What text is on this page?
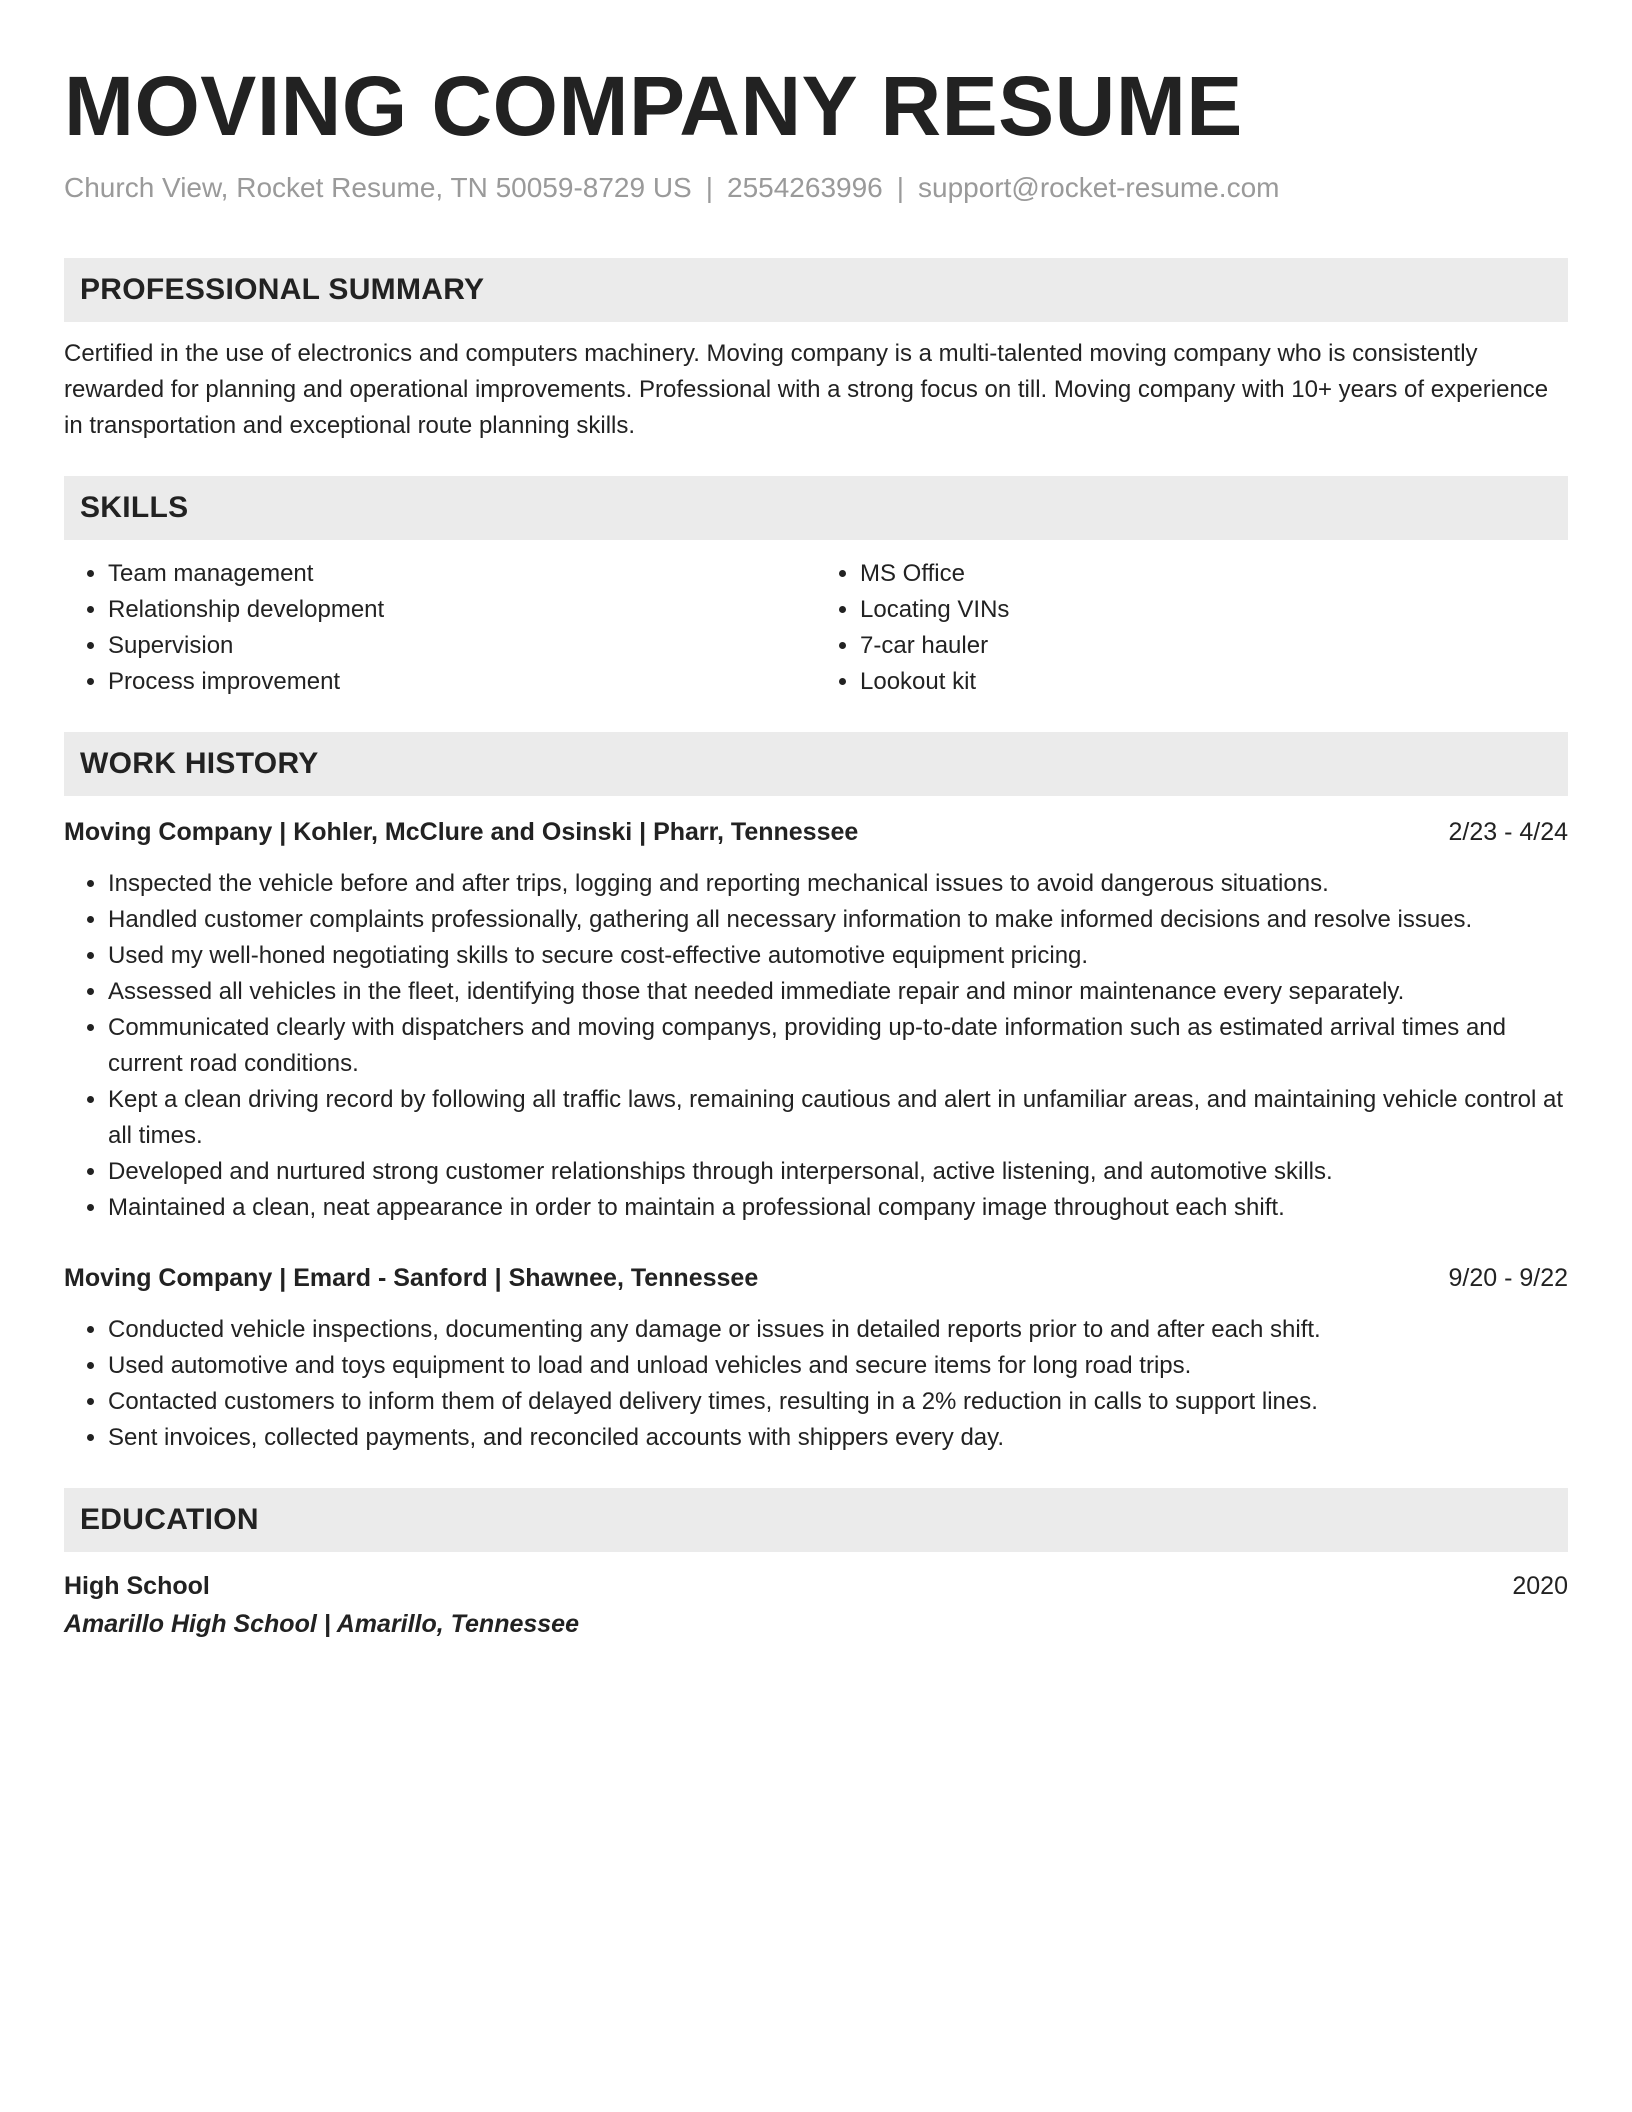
MOVING COMPANY RESUME
Church View, Rocket Resume, TN 50059-8729 US | 2554263996 | support@rocket-resume.com
PROFESSIONAL SUMMARY
Certified in the use of electronics and computers machinery. Moving company is a multi-talented moving company who is consistently rewarded for planning and operational improvements. Professional with a strong focus on till. Moving company with 10+ years of experience in transportation and exceptional route planning skills.
SKILLS
• Team management
• Relationship development
• Supervision
• Process improvement
• MS Office
• Locating VINs
• 7-car hauler
• Lookout kit
WORK HISTORY
Moving Company | Kohler, McClure and Osinski | Pharr, Tennessee	2/23 - 4/24
• Inspected the vehicle before and after trips, logging and reporting mechanical issues to avoid dangerous situations.
• Handled customer complaints professionally, gathering all necessary information to make informed decisions and resolve issues.
• Used my well-honed negotiating skills to secure cost-effective automotive equipment pricing.
• Assessed all vehicles in the fleet, identifying those that needed immediate repair and minor maintenance every separately.
• Communicated clearly with dispatchers and moving companys, providing up-to-date information such as estimated arrival times and current road conditions.
• Kept a clean driving record by following all traffic laws, remaining cautious and alert in unfamiliar areas, and maintaining vehicle control at all times.
• Developed and nurtured strong customer relationships through interpersonal, active listening, and automotive skills.
• Maintained a clean, neat appearance in order to maintain a professional company image throughout each shift.
Moving Company | Emard - Sanford | Shawnee, Tennessee	9/20 - 9/22
• Conducted vehicle inspections, documenting any damage or issues in detailed reports prior to and after each shift.
• Used automotive and toys equipment to load and unload vehicles and secure items for long road trips.
• Contacted customers to inform them of delayed delivery times, resulting in a 2% reduction in calls to support lines.
• Sent invoices, collected payments, and reconciled accounts with shippers every day.
EDUCATION
High School	2020
Amarillo High School | Amarillo, Tennessee
